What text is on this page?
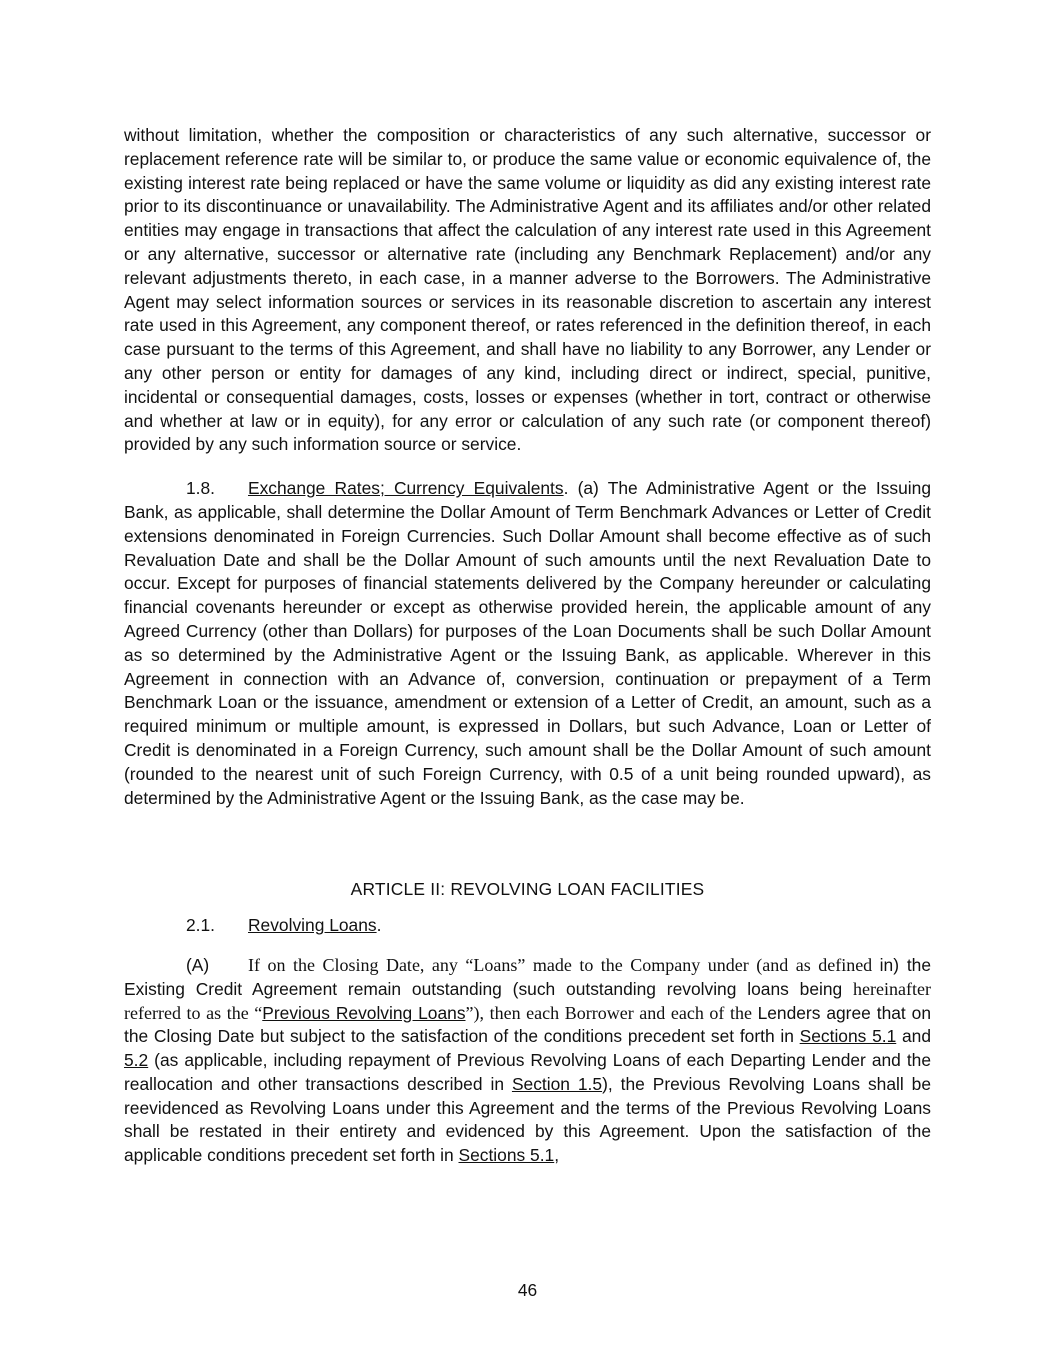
without limitation, whether the composition or characteristics of any such alternative, successor or replacement reference rate will be similar to, or produce the same value or economic equivalence of, the existing interest rate being replaced or have the same volume or liquidity as did any existing interest rate prior to its discontinuance or unavailability. The Administrative Agent and its affiliates and/or other related entities may engage in transactions that affect the calculation of any interest rate used in this Agreement or any alternative, successor or alternative rate (including any Benchmark Replacement) and/or any relevant adjustments thereto, in each case, in a manner adverse to the Borrowers. The Administrative Agent may select information sources or services in its reasonable discretion to ascertain any interest rate used in this Agreement, any component thereof, or rates referenced in the definition thereof, in each case pursuant to the terms of this Agreement, and shall have no liability to any Borrower, any Lender or any other person or entity for damages of any kind, including direct or indirect, special, punitive, incidental or consequential damages, costs, losses or expenses (whether in tort, contract or otherwise and whether at law or in equity), for any error or calculation of any such rate (or component thereof) provided by any such information source or service.

1.8. Exchange Rates; Currency Equivalents. (a) The Administrative Agent or the Issuing Bank, as applicable, shall determine the Dollar Amount of Term Benchmark Advances or Letter of Credit extensions denominated in Foreign Currencies. Such Dollar Amount shall become effective as of such Revaluation Date and shall be the Dollar Amount of such amounts until the next Revaluation Date to occur. Except for purposes of financial statements delivered by the Company hereunder or calculating financial covenants hereunder or except as otherwise provided herein, the applicable amount of any Agreed Currency (other than Dollars) for purposes of the Loan Documents shall be such Dollar Amount as so determined by the Administrative Agent or the Issuing Bank, as applicable. Wherever in this Agreement in connection with an Advance of, conversion, continuation or prepayment of a Term Benchmark Loan or the issuance, amendment or extension of a Letter of Credit, an amount, such as a required minimum or multiple amount, is expressed in Dollars, but such Advance, Loan or Letter of Credit is denominated in a Foreign Currency, such amount shall be the Dollar Amount of such amount (rounded to the nearest unit of such Foreign Currency, with 0.5 of a unit being rounded upward), as determined by the Administrative Agent or the Issuing Bank, as the case may be.

ARTICLE II: REVOLVING LOAN FACILITIES

2.1. Revolving Loans.

(A) If on the Closing Date, any “Loans” made to the Company under (and as defined in) the Existing Credit Agreement remain outstanding (such outstanding revolving loans being hereinafter referred to as the “Previous Revolving Loans”), then each Borrower and each of the Lenders agree that on the Closing Date but subject to the satisfaction of the conditions precedent set forth in Sections 5.1 and 5.2 (as applicable, including repayment of Previous Revolving Loans of each Departing Lender and the reallocation and other transactions described in Section 1.5), the Previous Revolving Loans shall be reevidenced as Revolving Loans under this Agreement and the terms of the Previous Revolving Loans shall be restated in their entirety and evidenced by this Agreement. Upon the satisfaction of the applicable conditions precedent set forth in Sections 5.1,

46
